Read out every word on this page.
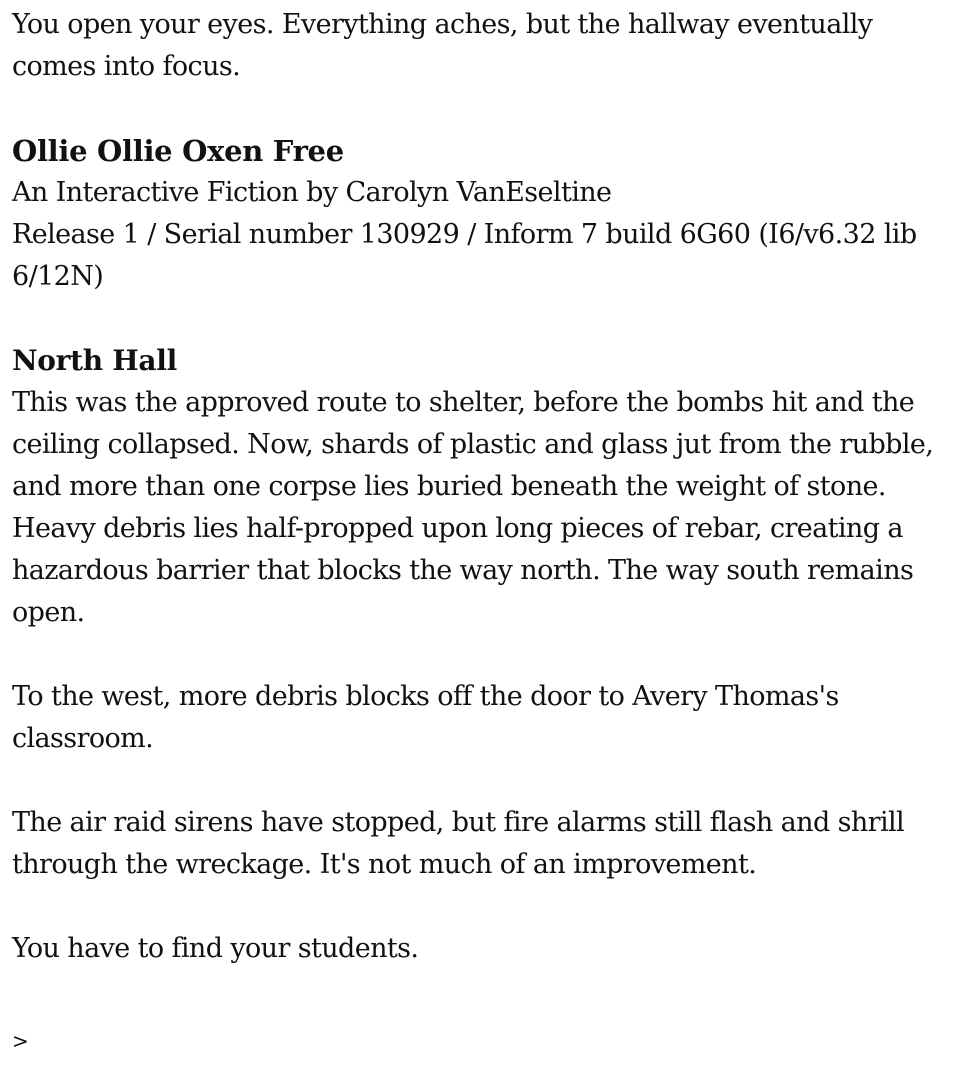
You open your eyes. Everything aches, but the hallway eventually comes into focus.

Ollie Ollie Oxen Free
An Interactive Fiction by Carolyn VanEseltine
Release 1 / Serial number 130929 / Inform 7 build 6G60 (I6/v6.32 lib 6/12N)
North Hall

This was the approved route to shelter, before the bombs hit and the ceiling collapsed. Now, shards of plastic and glass jut from the rubble, and more than one corpse lies buried beneath the weight of stone. Heavy debris lies half-propped upon long pieces of rebar, creating a hazardous barrier that blocks the way north. The way south remains open.

To the west, more debris blocks off the door to Avery Thomas's classroom.

The air raid sirens have stopped, but fire alarms still flash and shrill through the wreckage. It's not much of an improvement.

You have to find your students.

>
